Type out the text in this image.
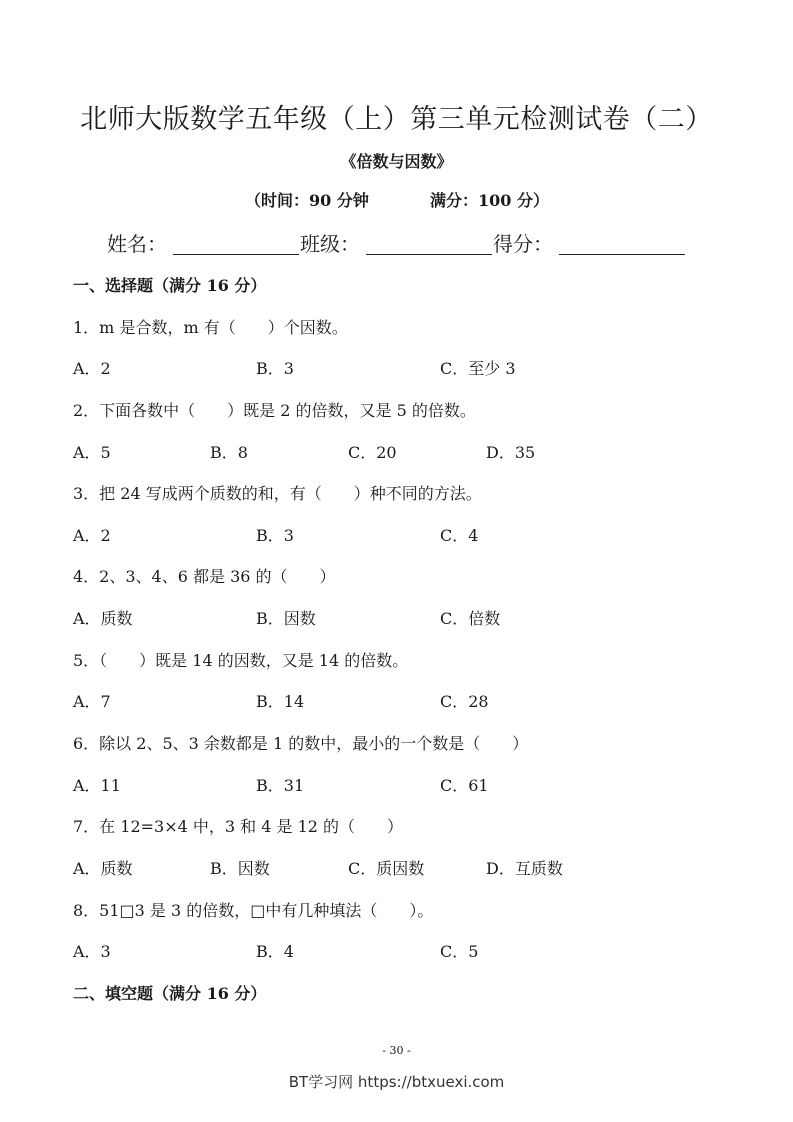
北师大版数学五年级（上）第三单元检测试卷（二）
《倍数与因数》
（时间：90 分钟	满分：100 分）
姓名：	班级：	得分：
一、选择题（满分 16 分）
1．m 是合数，m 有（　　）个因数。
A．2	B．3	C．至少 3
2．下面各数中（　　）既是 2 的倍数，又是 5 的倍数。
A．5	B．8	C．20	D．35
3．把 24 写成两个质数的和，有（　　）种不同的方法。
A．2	B．3	C．4
4．2、3、4、6 都是 36 的（　　）
A．质数	B．因数	C．倍数
5．（　　）既是 14 的因数，又是 14 的倍数。
A．7	B．14	C．28
6．除以 2、5、3 余数都是 1 的数中，最小的一个数是（　　）
A．11	B．31	C．61
7．在 12=3×4 中，3 和 4 是 12 的（　　）
A．质数	B．因数	C．质因数	D．互质数
8．51□3 是 3 的倍数，□中有几种填法（　　）。
A．3	B．4	C．5
二、填空题（满分 16 分）
- 30 -
BT学习网 https://btxuexi.com
